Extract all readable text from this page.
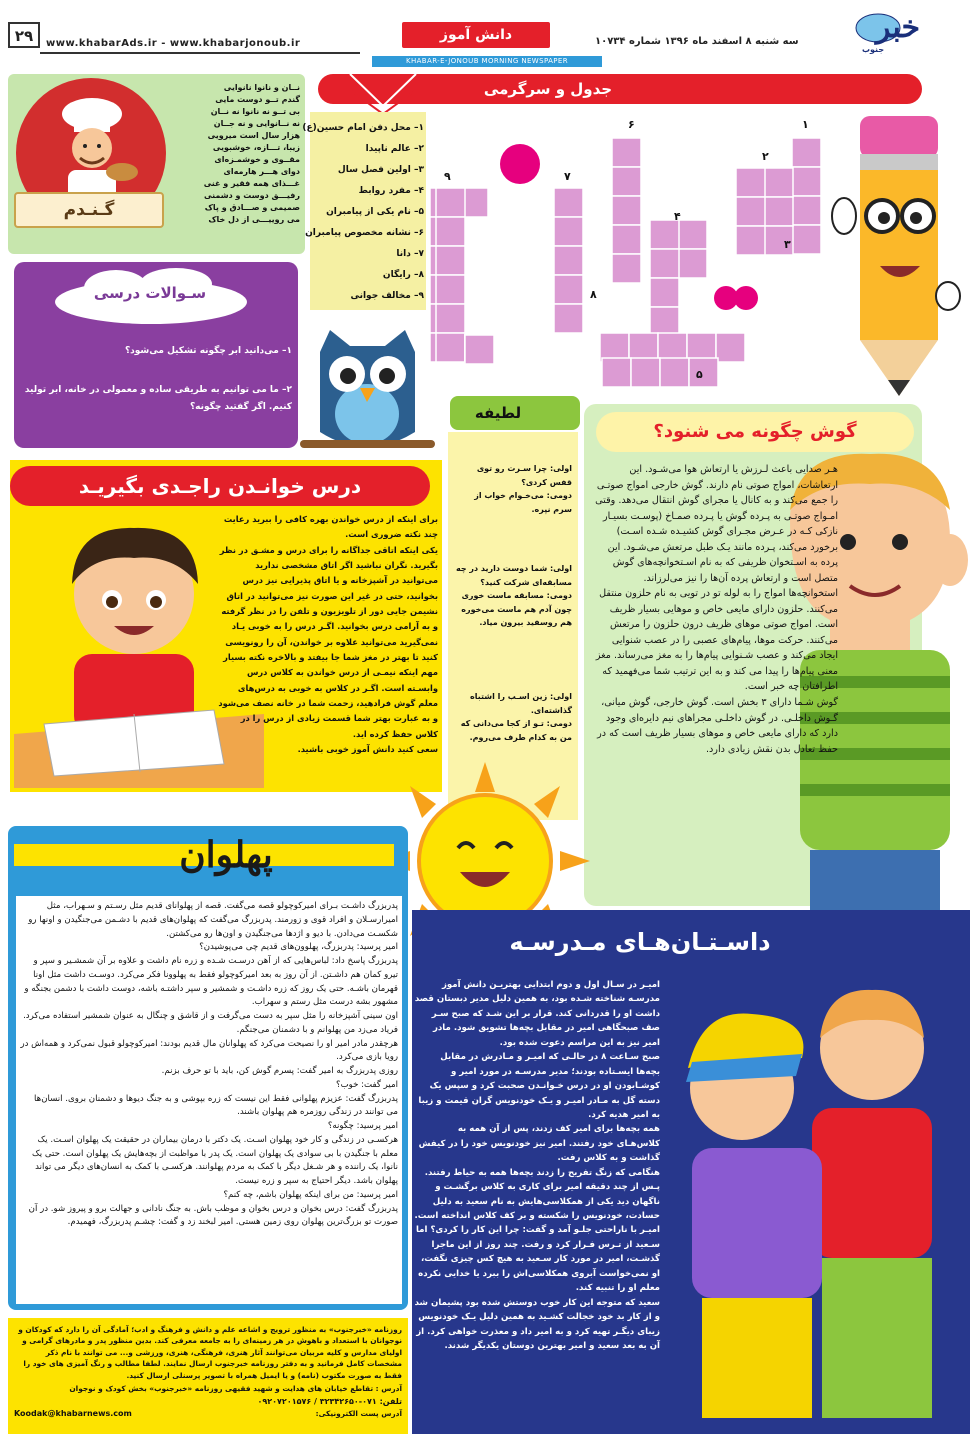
۲۹	www.khabarAds.ir - www.khabarjonoub.ir
دانش آموز	سه شنبه ۸ اسفند ماه ۱۳۹۶ شماره ۱۰۷۳۴	خبر
جنوب
KHABAR-E-JONOUB MORNING NEWSPAPER
گـنـدم
نــان و نانوا نانوایی
گندم تــو دوست مایی
بی تــو نه نانوا نه نــان
نه نــانوایی و نه جــان
هزار سال است میرویی
زیبا، تـــازه، خوشبویی
مقــوی و خوشمـزه‌ای
دوای هـــر هارمه‌ای
غـــذای همه فقیر و غنی
رفیـــق دوست و دشمنی
صمیمی و صـــادق و پاک
می روییـــی از دل خاک
جدول و سرگرمی
۱– محل دفن امام حسین(ع)
۲– عالم ناپیدا
۳– اولین فصل سال
۴– مفرد روابط
۵– نام یکی از پیامبران
۶– نشانه مخصوص پیامبران
۷– دانا
۸– رایگان
۹– مخالف جوانی
۱
۲
۳
۴
۵
۶
۷
۸
۹
سـوالات درسی
۱– می‌دانید ابر چگونه تشکیل می‌شود؟
۲– ما می توانیم به طریقی ساده و معمولی در خانه، ابر تولید کنیم. اگر گفتید چگونه؟	لطیفه
اولی: چرا سـرت رو توی قفس کردی؟
دومی: می‌خـوام خواب از سرم نپره.
اولی: شما دوست دارید در چه مسابقه‌ای شرکت کنید؟
دومی: مسابقه ماست خوری چون آدم هم ماست می‌خوره هم روسفید بیرون میاد.
اولی: زین اسـب را اشتباه گذاشته‌ای.
دومی: تـو از کجا می‌دانی که من به کدام طرف می‌روم.
گوش چگونه می شنود؟
هـر صدایی باعث لـرزش یا ارتعاش هوا می‌شـود. این ارتعاشات، امواج صوتی نام دارند. گوش خارجی امواج صوتـی را جمع می‌کند و به کانال یا مجرای گوش انتقال می‌دهد. وقتی امـواج صوتـی به پـرده گوش یا پـرده صمـاخ (پوسـت بسیـار نازکی کـه در عـرض مجـرای گوش کشیـده شـده اسـت) برخورد می‌کند، پـرده مانند یـک طبل مرتعش می‌شـود. این پرده به اسـتخوان ظریفی که به نام اسـتخوانچه‌های گوش متصل است و ارتعاش پرده آن‌ها را نیز می‌لرزاند. استخوانچه‌ها امواج را به لوله تو در تویی به نام حلزون منتقل می‌کنند. حلزون دارای مایعی خاص و موهایی بسیار ظریف است. امواج صوتی موهای ظریف درون حلزون را مرتعش می‌کنند. حرکت موها، پیام‌های عصبی را در عصب شنوایی ایجاد می‌کند و عصب شـنوایی پیام‌ها را به مغز می‌رساند. مغز معنی پیام‌ها را پیدا می کند و به این ترتیب شما می‌فهمید که اطرافتان چه خبر است.
گوش شـما دارای ۳ بخش است. گوش خارجی، گوش میانی، گـوش داخلـی. در گوش داخلـی مجراهای نیم دایره‌ای وجود دارد که دارای مایعی خاص و موهای بسیار ظریف است که در حفظ تعادل بدن نقش زیادی دارد.
درس خوانـدن راجـدی بگیریـد
برای اینکه از درس خواندن بهره کافی را ببرید رعایت چند نکته ضروری است.
یکی اینکه اتاقی جداگانه را برای درس و مشـق در نظر بگیرید. نگران نباشید اگر اتاق مشخصی ندارید می‌توانید در آشپزخانه و یا اتاق پذیرایی نیز درس بخوانید، حتی در غیر این صورت نیز می‌توانید در اتاق نشیمن جایی دور از تلویزیون و تلفن را در نظر گرفته و به آرامی درس بخوانید. اگـر درس را به خوبی یـاد نمی‌گیرید می‌توانید علاوه بر خواندن، آن را رونویسی کنید تا بهتر در مغز شما جا بیفتد و بالاخره نکته بسیار مهم اینکه نیمـی از درس خواندن به کلاس درس وابسـته است. اگـر در کلاس به خوبی به درس‌های معلم گوش فرادهید، زحمت شما در خانه نصف می‌شود و به عبارت بهتر شما قسمت زیادی از درس را در کلاس حفظ کرده اید.
سعی کنید دانش آموز خوبی باشید.
پهلوان
پدربزرگ داشـت بـرای امیرکوچولو قصه می‌گفت. قصه از پهلوانای قدیم مثل رسـتم و سـهراب، مثل امیرارسـلان و افراد قوی و زورمند. پدربزرگ می‌گفت که پهلوان‌های قدیم با دشـمن می‌جنگیدن و اونها رو شکسـت می‌دادن. با دیو و اژدها می‌جنگیدن و اون‌ها رو می‌کشتن.
امیر پرسید: پدربزرگ، پهلوون‌های قدیم چی می‌پوشیدن؟
پدربزرگ پاسخ داد: لباس‌هایی که از آهن درسـت شـده و زره نام داشت و علاوه بر آن شمشـیر و سپر و تیرو کمان هم داشـتن. از آن روز به بعد امیرکوچولو فقط به پهلوونا فکر می‌کرد. دوسـت داشت مثل اونا قهرمان باشـه. حتی یک روز که زره داشـت و شمشیر و سپر داشتـه باشه، دوست داشت با دشمن بجنگه و مشهور بشه درست مثل رستم و سهراب.
اون سینی آشپزخانه را مثل سپر به دست می‌گرفت و از قاشق و چنگال به عنوان شمشیر استفاده می‌کرد. فریاد می‌زد من پهلوانم و با دشمنان می‌جنگم.
هرچقدر مادر امیر او را نصیحت می‌کرد که پهلوانان مال قدیم بودند: امیرکوچولو قبول نمی‌کرد و همه‌اش در رویا بازی می‌کرد.
روزی پدربزرگ به امیر گفت: پسرم گوش کن، باید با تو حرف بزنم.
امیر گفت: خوب؟
پدربزرگ گفت: عزیزم پهلوانی فقط این نیست که زره بپوشی و به جنگ دیوها و دشمنان بروی. انسان‌ها می توانند در زندگی روزمره هم پهلوان باشند.
امیر پرسید: چگونه؟
هرکسـی در زندگی و کار خود پهلوان اسـت. یک دکتر با درمان بیماران در حقیقت یک پهلوان اسـت. یک معلم با جنگیدن با بی سوادی یک پهلوان است. یک پدر با مواظبت از بچه‌هایش یک پهلوان است. حتی یک نانوا، یک راننده و هر شـغل دیگر با کمک به مردم پهلوانند. هرکسـی با کمک به انسان‌های دیگر می تواند پهلوان باشد. دیگر احتیاج به سپر و زره نیست.
امیر پرسید: من برای اینکه پهلوان باشم، چه کنم؟
پدربزرگ گفت: درس بخوان و درس بخوان و موظب باش. به جنگ نادانی و جهالت برو و پیروز شو. در آن صورت تو بزرگ‌ترین پهلوان روی زمین هستی. امیر لبخند زد و گفت: چشـم پدربزرگ، فهمیدم.
داسـتـان‌هـای مـدرسـه
امیـر در سـال اول و دوم ابتدایی بهتریـن دانش آموز مدرسـه شناخته شـده بود، به همین دلیل مدیر دبستان قصد داشت او را قدردانی کند. قرار بر این شـد که صبح سـر صف صبحگاهی امیر در مقابل بچه‌ها تشویق شود. مادر امیر نیز به این مراسم دعوت شده بود.
صبح سـاعت ۸ در حالـی که امیـر و مـادرش در مقابل بچه‌ها ایسـتاده بودند؛ مدیر مدرسـه در مورد امیر و کوشـابودن او در درس خـوانـدن صحبت کرد و سپس یک دسته گل به مـادر امیـر و یـک خودنویس گران قیمت و زیبا به امیر هدیه کرد.
همه بچه‌ها برای امیر کف زدند، پس از آن همه به کلاس‌هـای خود رفتند. امیر نیز خودنویس خود را در کیفش گذاشت و به کلاس رفت.
هنگامی که زنگ تفریح را زدند بچه‌ها همه به حیاط رفتند.
پـس از چند دقیقه امیر برای کاری به کلاس برگشـت و ناگهان دید یکی از همکلاسی‌هایش به نام سعید به دلیل حسادت، خودنویس را شکسته و بر کف کلاس انداخته است.
امیـر با ناراحتی جلـو آمد و گفت: چرا این کار را کردی؟ اما سـعید از تـرس فـرار کرد و رفت. چند روز از این ماجرا گذشـت، امیر در مورد کار سـعید به هیچ کس چیزی نگفت، او نمی‌خواست آبروی همکلاسی‌اش را ببرد یا خدایی نکرده معلم او را تنبیه کند.
سعید که متوجه این کار خوب دوستش شده بود پشیمان شد و از کار بد خود خجالت کشـید به همین دلیل یـک خودنویس زیبای دیگـر تهیه کرد و به امیر داد و معذرت خواهی کرد. از آن به بعد سعید و امیر بهترین دوستان یکدیگر شدند.
روزنامه «خبرجنوب» به منظور ترویج و اشاعه علم و دانش و فرهنگ و ادب؛ آمادگی آن را دارد که کودکان و نوجوانان با استعداد و باهوش در هر زمینه‌ای را به جامعه معرفی کند. بدین منظور پدر و مادرهای گرامی و اولیای مدارس و کلیه مربیان می‌توانند آثار هنری، فرهنگی، هنری، ورزشی و... می توانند با نام ذکر مشخصات کامل فرمانید و به دفتر روزنامه خبرجنوب ارسال نمایند. لطفا مطالب و رنگ آمیزی های خود را فقط به صورت مکتوب (نامه) و یا ایمیل همراه با تصویر پرسنلی ارسال کنید.
آدرس : تقاطع خیابان های هدایت و شهید فقیهی روزنامه «خبرجنوب» بخش کودک و نوجوان
تلفن: ۰۷۱-۳۲۳۴۲۶۵۰ / ۰۹۲۰۷۲۰۱۵۷۶
آدرس پست الکترونیکی:
Koodak@khabarnews.com
